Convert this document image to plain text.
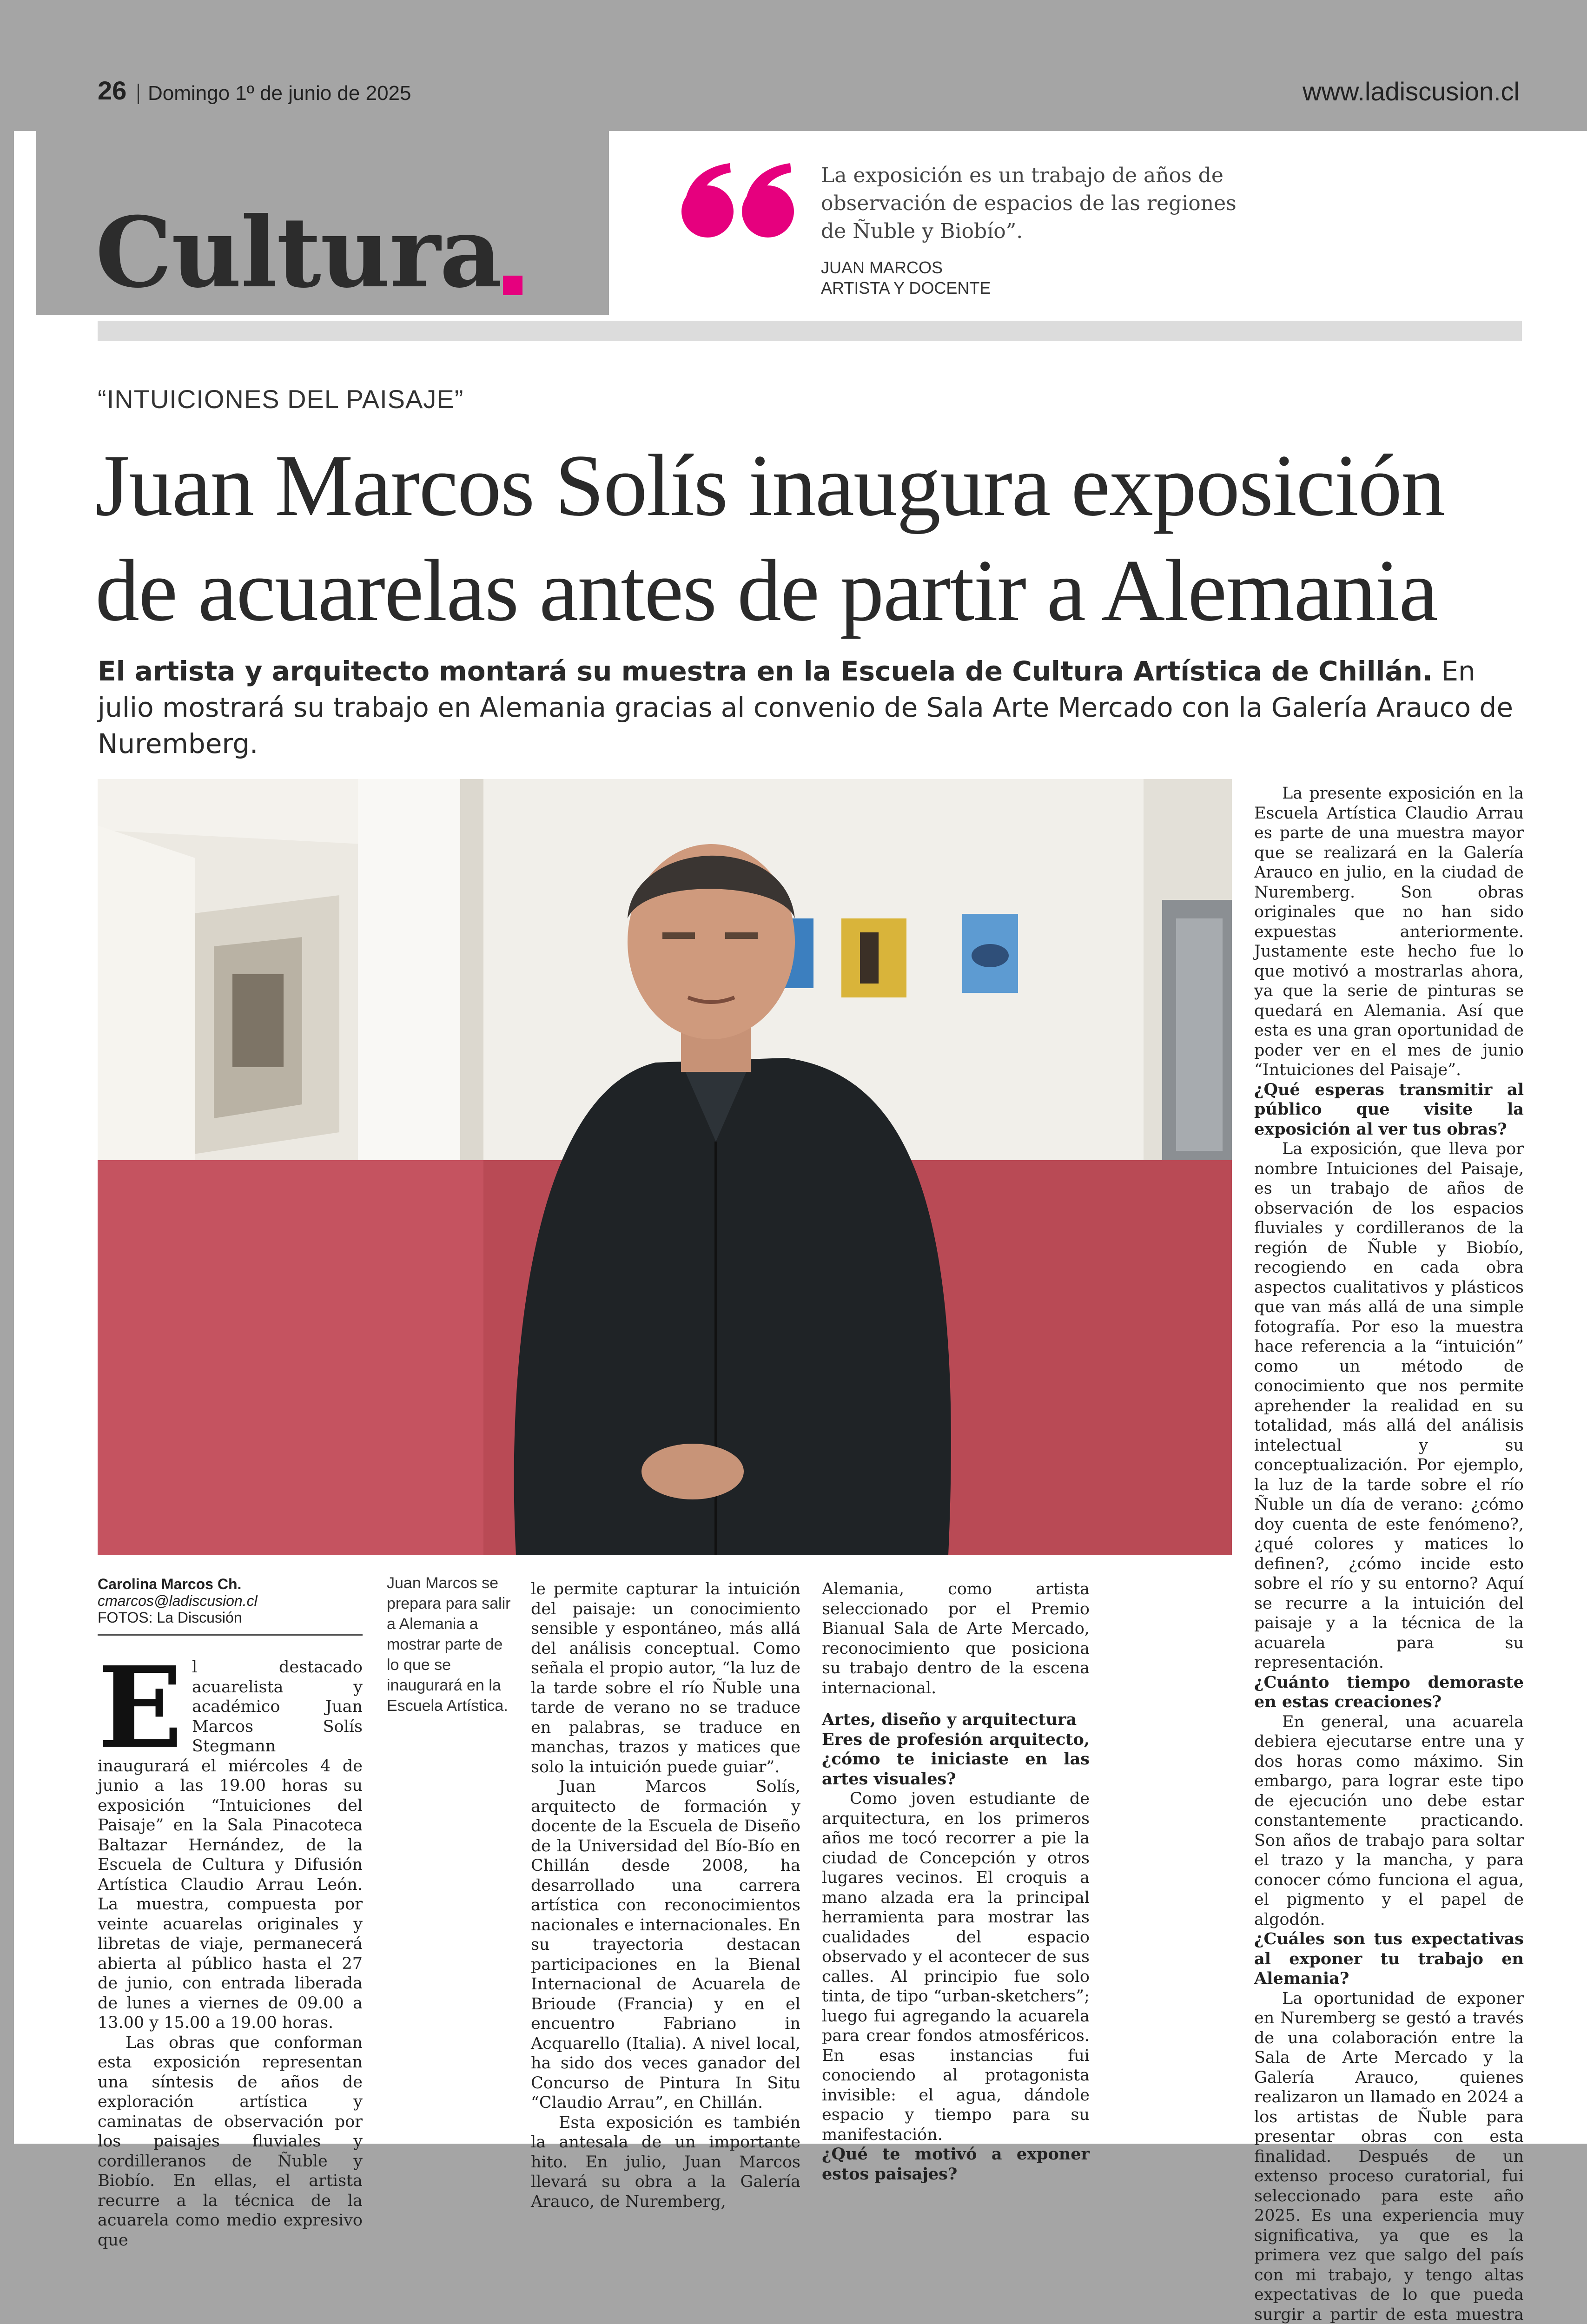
26 Domingo 1º de junio de 2025	www.ladiscusion.cl
Cultura
La exposición es un trabajo de años de observación de espacios de las regiones de Ñuble y Biobío”.
JUAN MARCOS
ARTISTA Y DOCENTE
“INTUICIONES DEL PAISAJE”
Juan Marcos Solís inaugura exposición
de acuarelas antes de partir a Alemania
El artista y arquitecto montará su muestra en la Escuela de Cultura Artística de Chillán. En julio mostrará su trabajo en Alemania gracias al convenio de Sala Arte Mercado con la Galería Arauco de Nuremberg.
Carolina Marcos Ch.
cmarcos@ladiscusion.cl
FOTOS: La Discusión
Juan Marcos se prepara para salir a Alemania a mostrar parte de lo que se inaugurará en la Escuela Artística.
E l destacado acuarelista y académico Juan Marcos Solís Stegmann inaugurará el miércoles 4 de junio a las 19.00 horas su exposición “Intuiciones del Paisaje” en la Sala Pinacoteca Baltazar Hernández, de la Escuela de Cultura y Difusión Artística Claudio Arrau León. La muestra, compuesta por veinte acuarelas originales y libretas de viaje, permanecerá abierta al público hasta el 27 de junio, con entrada liberada de lunes a viernes de 09.00 a 13.00 y 15.00 a 19.00 horas.

Las obras que conforman esta exposición representan una síntesis de años de exploración artística y caminatas de observación por los paisajes fluviales y cordilleranos de Ñuble y Biobío. En ellas, el artista recurre a la técnica de la acuarela como medio expresivo que

le permite capturar la intuición del paisaje: un conocimiento sensible y espontáneo, más allá del análisis conceptual. Como señala el propio autor, “la luz de la tarde sobre el río Ñuble una tarde de verano no se traduce en palabras, se traduce en manchas, trazos y matices que solo la intuición puede guiar”.

Juan Marcos Solís, arquitecto de formación y docente de la Escuela de Diseño de la Universidad del Bío-Bío en Chillán desde 2008, ha desarrollado una carrera artística con reconocimientos nacionales e internacionales. En su trayectoria destacan participaciones en la Bienal Internacional de Acuarela de Brioude (Francia) y en el encuentro Fabriano in Acquarello (Italia). A nivel local, ha sido dos veces ganador del Concurso de Pintura In Situ “Claudio Arrau”, en Chillán.

Esta exposición es también la antesala de un importante hito. En julio, Juan Marcos llevará su obra a la Galería Arauco, de Nuremberg,

Alemania, como artista seleccionado por el Premio Bianual Sala de Arte Mercado, reconocimiento que posiciona su trabajo dentro de la escena internacional.

Artes, diseño y arquitectura

Eres de profesión arquitecto, ¿cómo te iniciaste en las artes visuales?

Como joven estudiante de arquitectura, en los primeros años me tocó recorrer a pie la ciudad de Concepción y otros lugares vecinos. El croquis a mano alzada era la principal herramienta para mostrar las cualidades del espacio observado y el acontecer de sus calles. Al principio fue solo tinta, de tipo “urban-sketchers”; luego fui agregando la acuarela para crear fondos atmosféricos. En esas instancias fui conociendo al protagonista invisible: el agua, dándole espacio y tiempo para su manifestación.

¿Qué te motivó a exponer estos paisajes?

La presente exposición en la Escuela Artística Claudio Arrau es parte de una muestra mayor que se realizará en la Galería Arauco en julio, en la ciudad de Nuremberg. Son obras originales que no han sido expuestas anteriormente. Justamente este hecho fue lo que motivó a mostrarlas ahora, ya que la serie de pinturas se quedará en Alemania. Así que esta es una gran oportunidad de poder ver en el mes de junio “Intuiciones del Paisaje”.

¿Qué esperas transmitir al público que visite la exposición al ver tus obras?

La exposición, que lleva por nombre Intuiciones del Paisaje, es un trabajo de años de observación de los espacios fluviales y cordilleranos de la región de Ñuble y Biobío, recogiendo en cada obra aspectos cualitativos y plásticos que van más allá de una simple fotografía. Por eso la muestra hace referencia a la “intuición” como un método de conocimiento que nos permite aprehender la realidad en su totalidad, más allá del análisis intelectual y su conceptualización. Por ejemplo, la luz de la tarde sobre el río Ñuble un día de verano: ¿cómo doy cuenta de este fenómeno?, ¿qué colores y matices lo definen?, ¿cómo incide esto sobre el río y su entorno? Aquí se recurre a la intuición del paisaje y a la técnica de la acuarela para su representación.

¿Cuánto tiempo demoraste en estas creaciones?

En general, una acuarela debiera ejecutarse entre una y dos horas como máximo. Sin embargo, para lograr este tipo de ejecución uno debe estar constantemente practicando. Son años de trabajo para soltar el trazo y la mancha, y para conocer cómo funciona el agua, el pigmento y el papel de algodón.

¿Cuáles son tus expectativas al exponer tu trabajo en Alemania?

La oportunidad de exponer en Nuremberg se gestó a través de una colaboración entre la Sala de Arte Mercado y la Galería Arauco, quienes realizaron un llamado en 2024 a los artistas de Ñuble para presentar obras con esta finalidad. Después de un extenso proceso curatorial, fui seleccionado para este año 2025. Es una experiencia muy significativa, ya que es la primera vez que salgo del país con mi trabajo, y tengo altas expectativas de lo que pueda surgir a partir de esta muestra
